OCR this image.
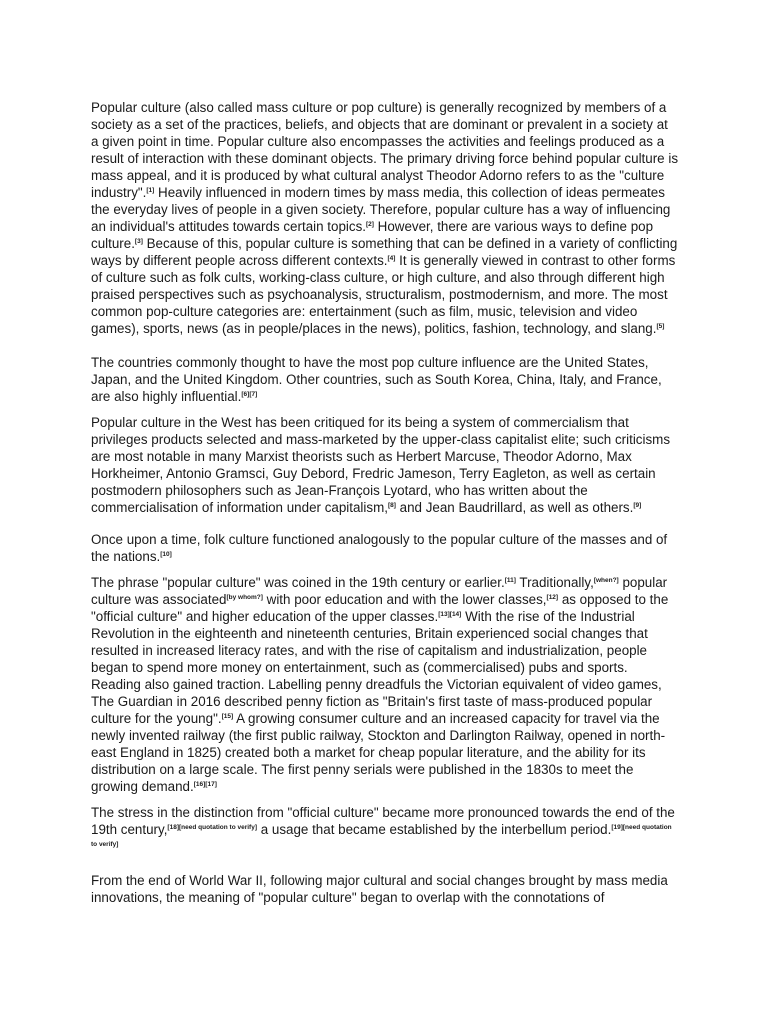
Popular culture (also called mass culture or pop culture) is generally recognized by members of a society as a set of the practices, beliefs, and objects that are dominant or prevalent in a society at a given point in time. Popular culture also encompasses the activities and feelings produced as a result of interaction with these dominant objects. The primary driving force behind popular culture is mass appeal, and it is produced by what cultural analyst Theodor Adorno refers to as the "culture industry".[1] Heavily influenced in modern times by mass media, this collection of ideas permeates the everyday lives of people in a given society. Therefore, popular culture has a way of influencing an individual's attitudes towards certain topics.[2] However, there are various ways to define pop culture.[3] Because of this, popular culture is something that can be defined in a variety of conflicting ways by different people across different contexts.[4] It is generally viewed in contrast to other forms of culture such as folk cults, working-class culture, or high culture, and also through different high praised perspectives such as psychoanalysis, structuralism, postmodernism, and more. The most common pop-culture categories are: entertainment (such as film, music, television and video games), sports, news (as in people/places in the news), politics, fashion, technology, and slang.[5]

The countries commonly thought to have the most pop culture influence are the United States, Japan, and the United Kingdom. Other countries, such as South Korea, China, Italy, and France, are also highly influential.[6][7]

Popular culture in the West has been critiqued for its being a system of commercialism that privileges products selected and mass-marketed by the upper-class capitalist elite; such criticisms are most notable in many Marxist theorists such as Herbert Marcuse, Theodor Adorno, Max Horkheimer, Antonio Gramsci, Guy Debord, Fredric Jameson, Terry Eagleton, as well as certain postmodern philosophers such as Jean-François Lyotard, who has written about the commercialisation of information under capitalism,[8] and Jean Baudrillard, as well as others.[9]

Once upon a time, folk culture functioned analogously to the popular culture of the masses and of the nations.[10]

The phrase "popular culture" was coined in the 19th century or earlier.[11] Traditionally,[when?] popular culture was associated[by whom?] with poor education and with the lower classes,[12] as opposed to the "official culture" and higher education of the upper classes.[13][14] With the rise of the Industrial Revolution in the eighteenth and nineteenth centuries, Britain experienced social changes that resulted in increased literacy rates, and with the rise of capitalism and industrialization, people began to spend more money on entertainment, such as (commercialised) pubs and sports. Reading also gained traction. Labelling penny dreadfuls the Victorian equivalent of video games, The Guardian in 2016 described penny fiction as "Britain's first taste of mass-produced popular culture for the young".[15] A growing consumer culture and an increased capacity for travel via the newly invented railway (the first public railway, Stockton and Darlington Railway, opened in north-east England in 1825) created both a market for cheap popular literature, and the ability for its distribution on a large scale. The first penny serials were published in the 1830s to meet the growing demand.[16][17]

The stress in the distinction from "official culture" became more pronounced towards the end of the 19th century,[18][need quotation to verify] a usage that became established by the interbellum period.[19][need quotation to verify]

From the end of World War II, following major cultural and social changes brought by mass media innovations, the meaning of "popular culture" began to overlap with the connotations of
